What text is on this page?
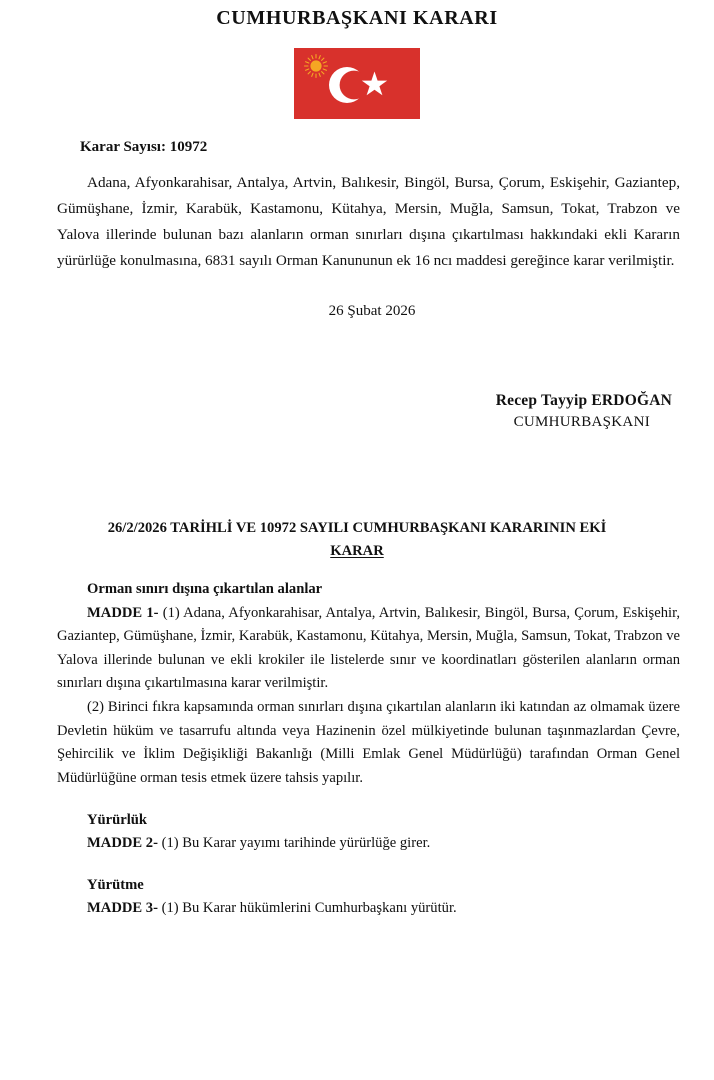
CUMHURBAŞKANI KARARI

Karar Sayısı: 10972

Adana, Afyonkarahisar, Antalya, Artvin, Balıkesir, Bingöl, Bursa, Çorum, Eskişehir, Gaziantep, Gümüşhane, İzmir, Karabük, Kastamonu, Kütahya, Mersin, Muğla, Samsun, Tokat, Trabzon ve Yalova illerinde bulunan bazı alanların orman sınırları dışına çıkartılması hakkındaki ekli Kararın yürürlüğe konulmasına, 6831 sayılı Orman Kanununun ek 16 ncı maddesi gereğince karar verilmiştir.

26 Şubat 2026

Recep Tayyip ERDOĞAN
CUMHURBAŞKANI

26/2/2026 TARİHLİ VE 10972 SAYILI CUMHURBAŞKANI KARARININ EKİ

KARAR

Orman sınırı dışına çıkartılan alanlar

MADDE 1- (1) Adana, Afyonkarahisar, Antalya, Artvin, Balıkesir, Bingöl, Bursa, Çorum, Eskişehir, Gaziantep, Gümüşhane, İzmir, Karabük, Kastamonu, Kütahya, Mersin, Muğla, Samsun, Tokat, Trabzon ve Yalova illerinde bulunan ve ekli krokiler ile listelerde sınır ve koordinatları gösterilen alanların orman sınırları dışına çıkartılmasına karar verilmiştir.

(2) Birinci fıkra kapsamında orman sınırları dışına çıkartılan alanların iki katından az olmamak üzere Devletin hüküm ve tasarrufu altında veya Hazinenin özel mülkiyetinde bulunan taşınmazlardan Çevre, Şehircilik ve İklim Değişikliği Bakanlığı (Milli Emlak Genel Müdürlüğü) tarafından Orman Genel Müdürlüğüne orman tesis etmek üzere tahsis yapılır.

Yürürlük

MADDE 2- (1) Bu Karar yayımı tarihinde yürürlüğe girer.

Yürütme

MADDE 3- (1) Bu Karar hükümlerini Cumhurbaşkanı yürütür.
